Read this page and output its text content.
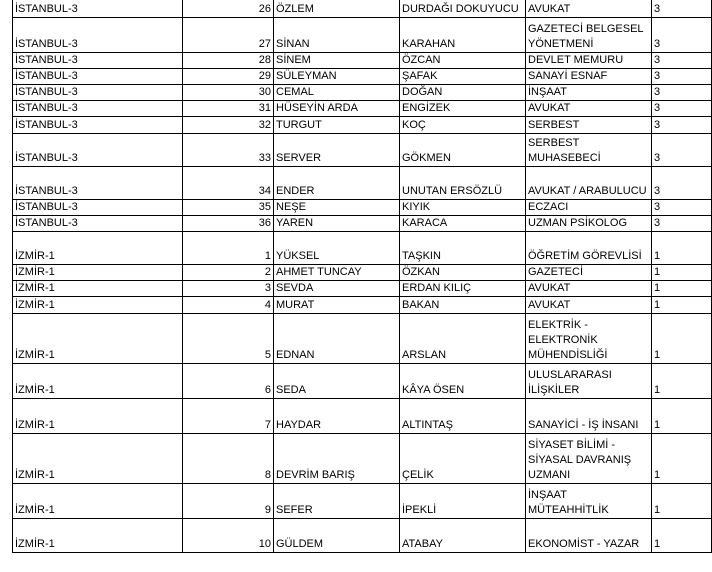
İSTANBUL-3	26	ÖZLEM	DURDAĞI DOKUYUCU	AVUKAT	3
İSTANBUL-3	27	SİNAN	KARAHAN	GAZETECİ BELGESEL YÖNETMENİ	3
İSTANBUL-3	28	SİNEM	ÖZCAN	DEVLET MEMURU	3
İSTANBUL-3	29	SÜLEYMAN	ŞAFAK	SANAYİ ESNAF	3
İSTANBUL-3	30	CEMAL	DOĞAN	İNŞAAT	3
İSTANBUL-3	31	HÜSEYİN ARDA	ENGİZEK	AVUKAT	3
İSTANBUL-3	32	TURGUT	KOÇ	SERBEST	3
İSTANBUL-3	33	SERVER	GÖKMEN	SERBEST MUHASEBECİ	3
İSTANBUL-3	34	ENDER	UNUTAN ERSÖZLÜ	AVUKAT / ARABULUCU	3
İSTANBUL-3	35	NEŞE	KIYIK	ECZACI	3
İSTANBUL-3	36	YAREN	KARACA	UZMAN PSİKOLOG	3
İZMİR-1	1	YÜKSEL	TAŞKIN	ÖĞRETİM GÖREVLİSİ	1
İZMİR-1	2	AHMET TUNCAY	ÖZKAN	GAZETECİ	1
İZMİR-1	3	SEVDA	ERDAN KILIÇ	AVUKAT	1
İZMİR-1	4	MURAT	BAKAN	AVUKAT	1
İZMİR-1	5	EDNAN	ARSLAN	ELEKTRİK - ELEKTRONİK MÜHENDİSLİĞİ	1
İZMİR-1	6	SEDA	KÂYA ÖSEN	ULUSLARARASI İLİŞKİLER	1
İZMİR-1	7	HAYDAR	ALTINTAŞ	SANAYİCİ - İŞ İNSANI	1
İZMİR-1	8	DEVRİM BARIŞ	ÇELİK	SİYASET BİLİMİ - SİYASAL DAVRANIŞ UZMANI	1
İZMİR-1	9	SEFER	İPEKLİ	İNŞAAT MÜTEAHHİTLİK	1
İZMİR-1	10	GÜLDEM	ATABAY	EKONOMİST - YAZAR	1
